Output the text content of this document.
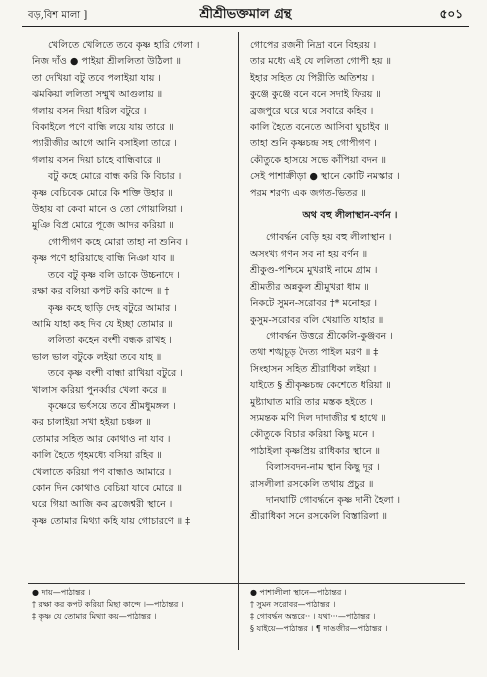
বড়,বিশ মালা ]	শ্রীশ্রীভক্তমাল গ্রন্থ	৫০১
খেলিতে খেলিতে তবে কৃষ্ণ হারি গেলা ।
নিজ দাঁও ● পাইয়া শ্রীললিতা উঠিলা ॥
তা দেখিয়া বটু তবে পলাইয়া যায় ।
ঝমকিয়া ললিতা সম্মুখ আগুলায় ॥
গলায় বসন দিয়া ধরিল বটুরে ।
বিকাইলে পণে বান্ধি লয়ে যায় তারে ॥
প্যারীজীর আগে আনি বসাইলা তারে ।
গলায় বসন দিয়া চাহে বান্ধিবারে ॥
বটু কহে মোরে বান্ধ করি কি বিচার ।
কৃষ্ণ বেচিবেক মোরে কি শক্তি উহার ॥
উহায় বা কেবা মানে ও তো গোয়ালিয়া ।
মুঞি বিপ্র মোরে পূজে আদর করিয়া ॥
গোপীগণ কহে মোরা তাহা না শুনিব ।
কৃষ্ণ পণে হারিয়াছে বান্ধি নিঞা যাব ॥
তবে বটু কৃষ্ণ বলি ডাকে উচ্চনাদে ।
রক্ষা কর বলিয়া কপট করি কান্দে ॥ †
কৃষ্ণ কহে ছাড়ি দেহ বটুরে আমার ।
আমি যাহা কহ দিব যে ইচ্ছা তোমার ॥
ললিতা কহেন বংশী বন্ধক রাখহ ।
ভাল ভাল বটুকে লইয়া তবে যাহ ॥
তবে কৃষ্ণ বংশী বান্ধা রাখিয়া বটুরে ।
খালাস করিয়া পুনর্ব্বার খেলা করে ॥
কৃষ্ণেরে ভর্ৎসয়ে তবে শ্রীমধুমঙ্গল ।
কর চালাইয়া সখা হইয়া চঞ্চল ॥
তোমার সহিত আর কোথাও না যাব ।
কালি হৈতে গৃহমধ্যে বসিয়া রহিব ॥
খেলাতে করিয়া পণ বান্ধাও আমারে ।
কোন দিন কোথাও বেচিয়া যাবে মোরে ॥
ঘরে গিয়া আজি কব ব্রজেশ্বরী স্থানে ।
কৃষ্ণ তোমার মিথ্যা কহি যায় গোচারণে ॥ ‡
গোপের রজনী নিদ্রা বনে বিহরয় ।
তার মধ্যে এই যে ললিতা গোপী হয় ॥
ইহার সহিত যে পিরীতি অতিশয় ।
কুঞ্জে কুঞ্জে বনে বনে সদাই ফিরয় ॥
ব্রজপুরে ঘরে ঘরে সবারে কহিব ।
কালি হৈতে বনেতে আসিবা ঘুচাইব ॥
তাহা শুনি কৃষ্ণচন্দ্র সহ গোপীগণ ।
কৌতুকে হাসয়ে সভে কাঁপিয়া বদন ॥
সেই পাশাক্রীড়া ● স্থানে কোটি নমস্কার ।
পরম শরণ্য এক জগত-ভিতর ॥
অথ বহু লীলাস্থান-বর্ণন ।
গোবর্দ্ধন বেড়ি হয় বহু লীলাস্থান ।
অসংখ্য গণন সব না হয় বর্ণন ॥
শ্রীকুণ্ড-পশ্চিমে মুখরাই নামে গ্রাম ।
শ্রীমতীর অন্নকুল শ্রীমুখরা ধাম ॥
নিকটে সুমন-সরোবর †* মনোহর ।
কুসুম-সরোবর বলি খেয়াতি যাহার ॥
গোবর্দ্ধন উত্তরে শ্রীকেলি-কুঞ্জবন ।
তথা শঙ্খচূড় দৈত্য পাইল মরণ ॥ ‡
সিংহাসন সহিত শ্রীরাধিকা লইয়া ।
যাইতে § শ্রীকৃষ্ণচন্দ্র কেশেতে ধরিয়া ॥
মুষ্ট্যাঘাত মারি তার মস্তক হইতে ।
স্যমন্তক মণি দিল দাদাজীর শ্ব হাথে ॥
কৌতুকে বিচার করিয়া কিছু মনে ।
পাঠাইলা কৃষ্ণপ্রিয় রাধিকার স্থানে ॥
বিলাসবদন-নাম স্থান কিছু দূর ।
রাসলীলা রসকেলি তথায় প্রচুর ॥
দানঘাটি গোবর্দ্ধনে কৃষ্ণ দানী হৈলা ।
শ্রীরাধিকা সনে রসকেলি বিস্তারিলা ॥
● দায়—পাঠান্তর ।
† রক্ষা কর কপট করিয়া মিছা কান্দে ।—পাঠান্তর ।
‡ কৃষ্ণ যে তোমার মিথ্যা কয়—পাঠান্তর ।
● পাশালীলা স্থানে—পাঠান্তর ।
† সুমন সরোবর—পাঠান্তর ।
‡ গোবর্দ্ধন অন্তরে·· । যথা···—পাঠান্তর ।
§ যাইয়ে—পাঠান্তর । ¶ দাঙজীর—পাঠান্তর ।
